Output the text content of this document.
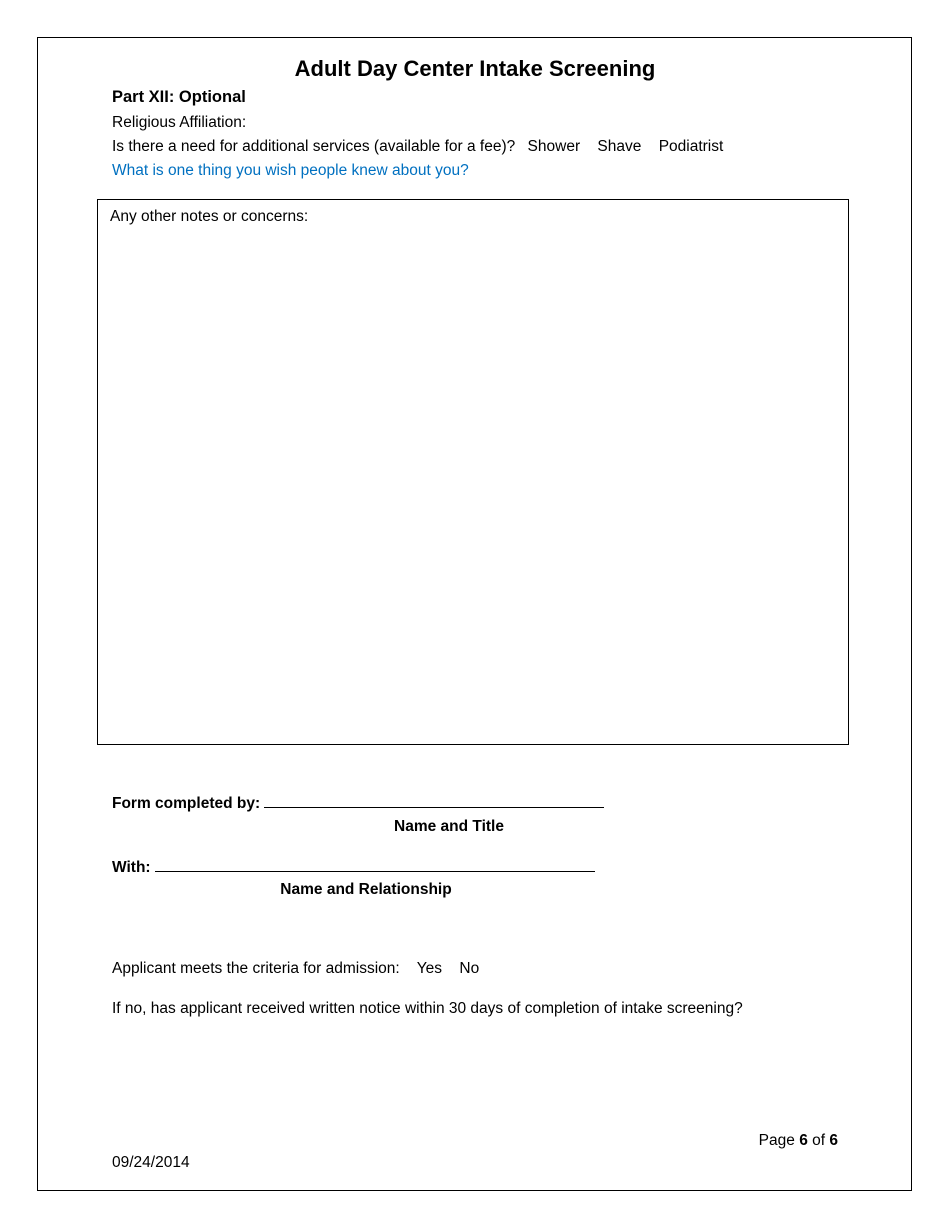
Adult Day Center Intake Screening
Part XII: Optional
Religious Affiliation:
Is there a need for additional services (available for a fee)? Shower Shave Podiatrist
What is one thing you wish people knew about you?
Any other notes or concerns:
Form completed by:
Name and Title
With:
Name and Relationship
Applicant meets the criteria for admission: Yes No
If no, has applicant received written notice within 30 days of completion of intake screening?
Page 6 of 6
09/24/2014
